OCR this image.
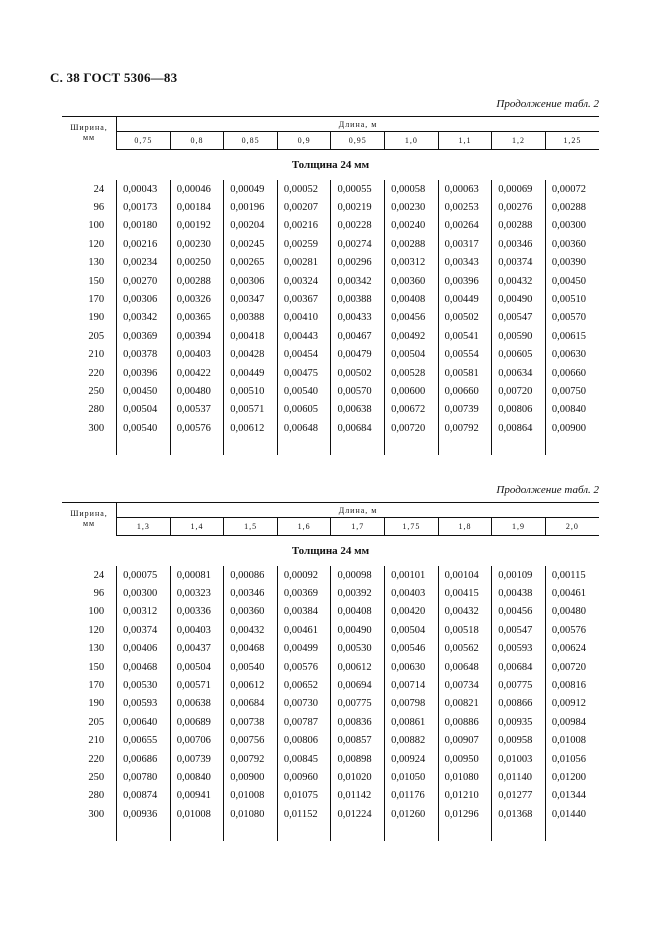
С. 38 ГОСТ 5306—83
Продолжение табл. 2
Ширина,
мм	Длина, м								
	0,75	0,8	0,85	0,9	0,95	1,0	1,1	1,2	1,25
Толщина 24 мм									
24	0,00043	0,00046	0,00049	0,00052	0,00055	0,00058	0,00063	0,00069	0,00072
96	0,00173	0,00184	0,00196	0,00207	0,00219	0,00230	0,00253	0,00276	0,00288
100	0,00180	0,00192	0,00204	0,00216	0,00228	0,00240	0,00264	0,00288	0,00300
120	0,00216	0,00230	0,00245	0,00259	0,00274	0,00288	0,00317	0,00346	0,00360
130	0,00234	0,00250	0,00265	0,00281	0,00296	0,00312	0,00343	0,00374	0,00390
150	0,00270	0,00288	0,00306	0,00324	0,00342	0,00360	0,00396	0,00432	0,00450
170	0,00306	0,00326	0,00347	0,00367	0,00388	0,00408	0,00449	0,00490	0,00510
190	0,00342	0,00365	0,00388	0,00410	0,00433	0,00456	0,00502	0,00547	0,00570
205	0,00369	0,00394	0,00418	0,00443	0,00467	0,00492	0,00541	0,00590	0,00615
210	0,00378	0,00403	0,00428	0,00454	0,00479	0,00504	0,00554	0,00605	0,00630
220	0,00396	0,00422	0,00449	0,00475	0,00502	0,00528	0,00581	0,00634	0,00660
250	0,00450	0,00480	0,00510	0,00540	0,00570	0,00600	0,00660	0,00720	0,00750
280	0,00504	0,00537	0,00571	0,00605	0,00638	0,00672	0,00739	0,00806	0,00840
300	0,00540	0,00576	0,00612	0,00648	0,00684	0,00720	0,00792	0,00864	0,00900

Продолжение табл. 2
Ширина,
мм	Длина, м								
	1,3	1,4	1,5	1,6	1,7	1,75	1,8	1,9	2,0
Толщина 24 мм									
24	0,00075	0,00081	0,00086	0,00092	0,00098	0,00101	0,00104	0,00109	0,00115
96	0,00300	0,00323	0,00346	0,00369	0,00392	0,00403	0,00415	0,00438	0,00461
100	0,00312	0,00336	0,00360	0,00384	0,00408	0,00420	0,00432	0,00456	0,00480
120	0,00374	0,00403	0,00432	0,00461	0,00490	0,00504	0,00518	0,00547	0,00576
130	0,00406	0,00437	0,00468	0,00499	0,00530	0,00546	0,00562	0,00593	0,00624
150	0,00468	0,00504	0,00540	0,00576	0,00612	0,00630	0,00648	0,00684	0,00720
170	0,00530	0,00571	0,00612	0,00652	0,00694	0,00714	0,00734	0,00775	0,00816
190	0,00593	0,00638	0,00684	0,00730	0,00775	0,00798	0,00821	0,00866	0,00912
205	0,00640	0,00689	0,00738	0,00787	0,00836	0,00861	0,00886	0,00935	0,00984
210	0,00655	0,00706	0,00756	0,00806	0,00857	0,00882	0,00907	0,00958	0,01008
220	0,00686	0,00739	0,00792	0,00845	0,00898	0,00924	0,00950	0,01003	0,01056
250	0,00780	0,00840	0,00900	0,00960	0,01020	0,01050	0,01080	0,01140	0,01200
280	0,00874	0,00941	0,01008	0,01075	0,01142	0,01176	0,01210	0,01277	0,01344
300	0,00936	0,01008	0,01080	0,01152	0,01224	0,01260	0,01296	0,01368	0,01440
